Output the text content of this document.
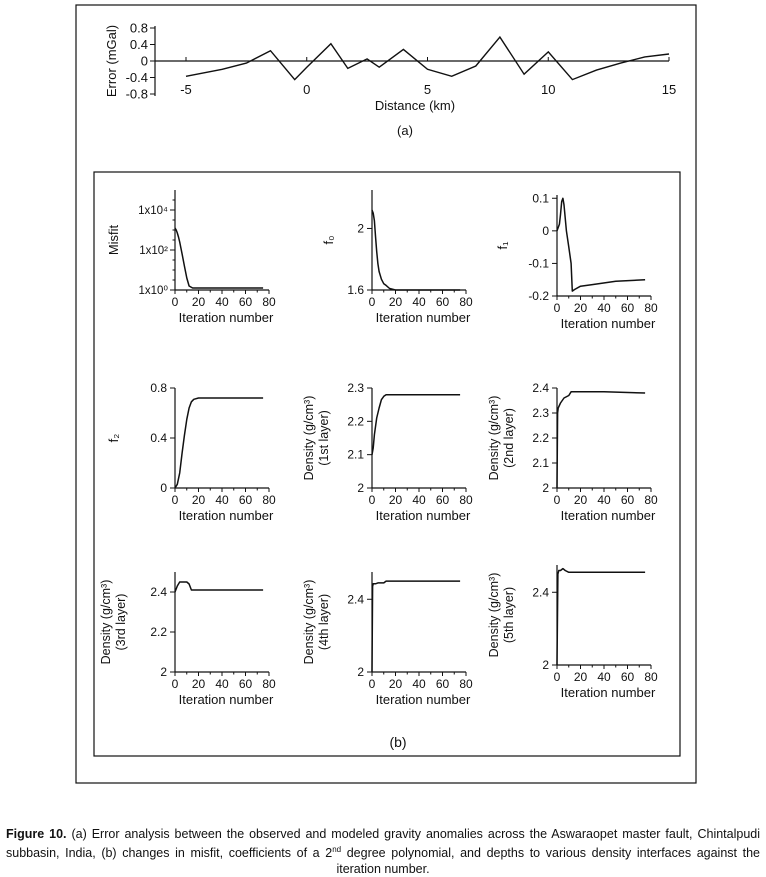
0.8
0.4
0
-0.4
-0.8 -5	0	5	10	15
Distance (km)
Error (mGal)
(a)
0 20 40 60 80
Iteration number
1x10⁴
1x10²
1x10⁰
Misfit
0 20 40 60 80
Iteration number
2
1.6
f₀
0 20 40 60 80
Iteration number
0.1
0
-0.1
-0.2
f₁
0 20 40 60 80
Iteration number
0.8
0.4
0
f₂
0 20 40 60 80
Iteration number
2.3
2.2
2.1
2
Density (g/cm³) (1st layer)
0 20 40 60 80
Iteration number
2.4
2.3
2.2
2.1
2
Density (g/cm³) (2nd layer)
0 20 40 60 80
Iteration number
2.4
2.2
2
Density (g/cm³) (3rd layer)
0 20 40 60 80
Iteration number
2.4
2
Density (g/cm³) (4th layer)
0 20 40 60 80
Iteration number
2.4
2
Density (g/cm³) (5th layer)
(b)
Figure 10. (a) Error analysis between the observed and modeled gravity anomalies across the Aswaraopet master fault, Chintalpudi subbasin, India, (b) changes in misfit, coefficients of a 2nd degree polynomial, and depths to various density interfaces against the iteration number.
